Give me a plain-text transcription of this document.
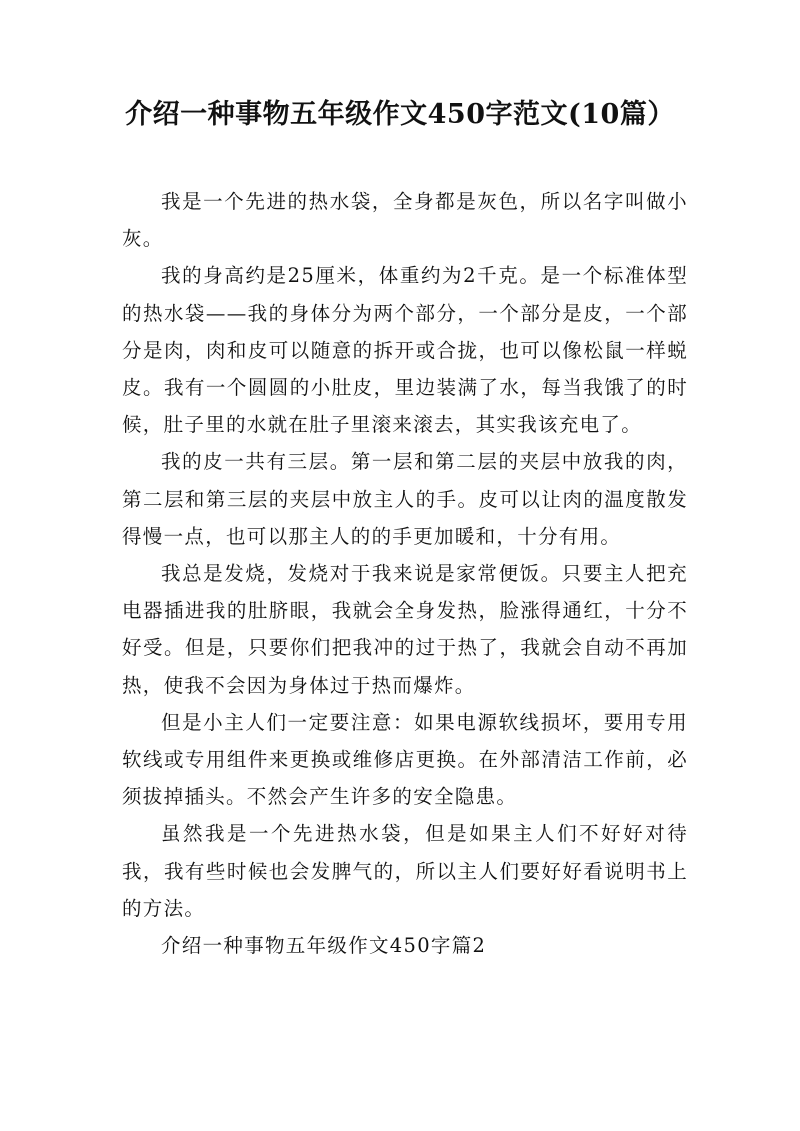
介绍一种事物五年级作文450字范文(10篇）

我是一个先进的热水袋，全身都是灰色，所以名字叫做小灰。

我的身高约是25厘米，体重约为2千克。是一个标准体型的热水袋——我的身体分为两个部分，一个部分是皮，一个部分是肉，肉和皮可以随意的拆开或合拢，也可以像松鼠一样蜕皮。我有一个圆圆的小肚皮，里边装满了水，每当我饿了的时候，肚子里的水就在肚子里滚来滚去，其实我该充电了。

我的皮一共有三层。第一层和第二层的夹层中放我的肉，第二层和第三层的夹层中放主人的手。皮可以让肉的温度散发得慢一点，也可以那主人的的手更加暖和，十分有用。

我总是发烧，发烧对于我来说是家常便饭。只要主人把充电器插进我的肚脐眼，我就会全身发热，脸涨得通红，十分不好受。但是，只要你们把我冲的过于热了，我就会自动不再加热，使我不会因为身体过于热而爆炸。

但是小主人们一定要注意：如果电源软线损坏，要用专用软线或专用组件来更换或维修店更换。在外部清洁工作前，必须拔掉插头。不然会产生许多的安全隐患。

虽然我是一个先进热水袋，但是如果主人们不好好对待我，我有些时候也会发脾气的，所以主人们要好好看说明书上的方法。

介绍一种事物五年级作文450字篇2
